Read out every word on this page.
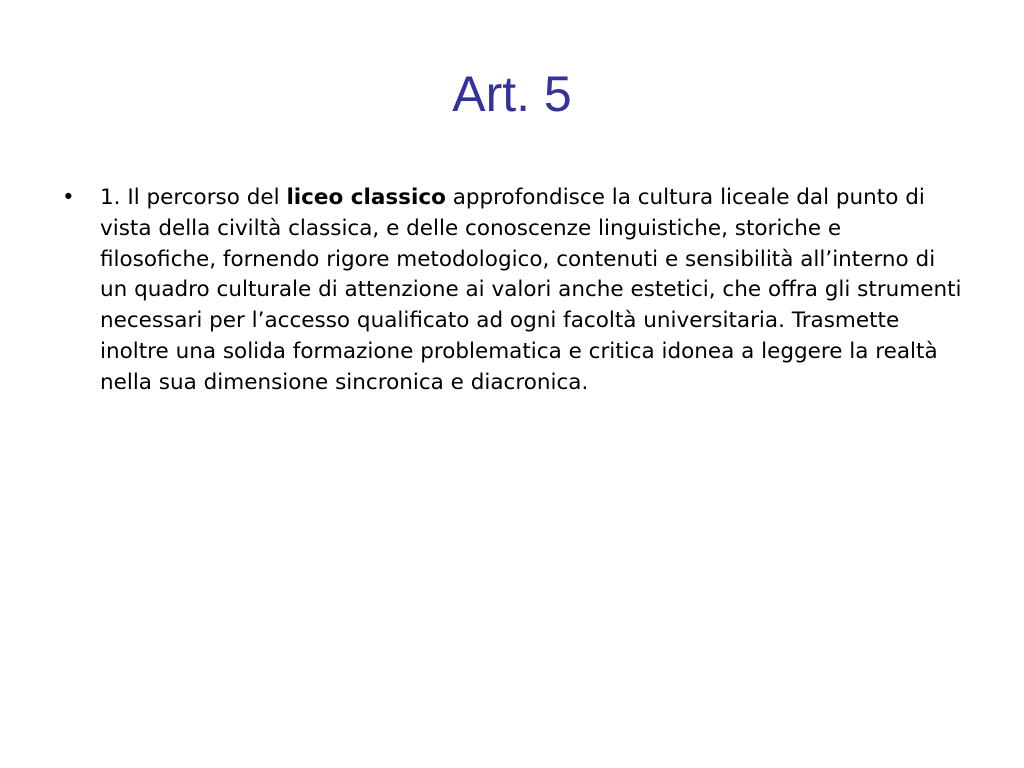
Art. 5
•	1. Il percorso del liceo classico approfondisce la cultura liceale dal punto di vista della civiltà classica, e delle conoscenze linguistiche, storiche e filosofiche, fornendo rigore metodologico, contenuti e sensibilità all’interno di un quadro culturale di attenzione ai valori anche estetici, che offra gli strumenti necessari per l’accesso qualificato ad ogni facoltà universitaria. Trasmette inoltre una solida formazione problematica e critica idonea a leggere la realtà nella sua dimensione sincronica e diacronica.
